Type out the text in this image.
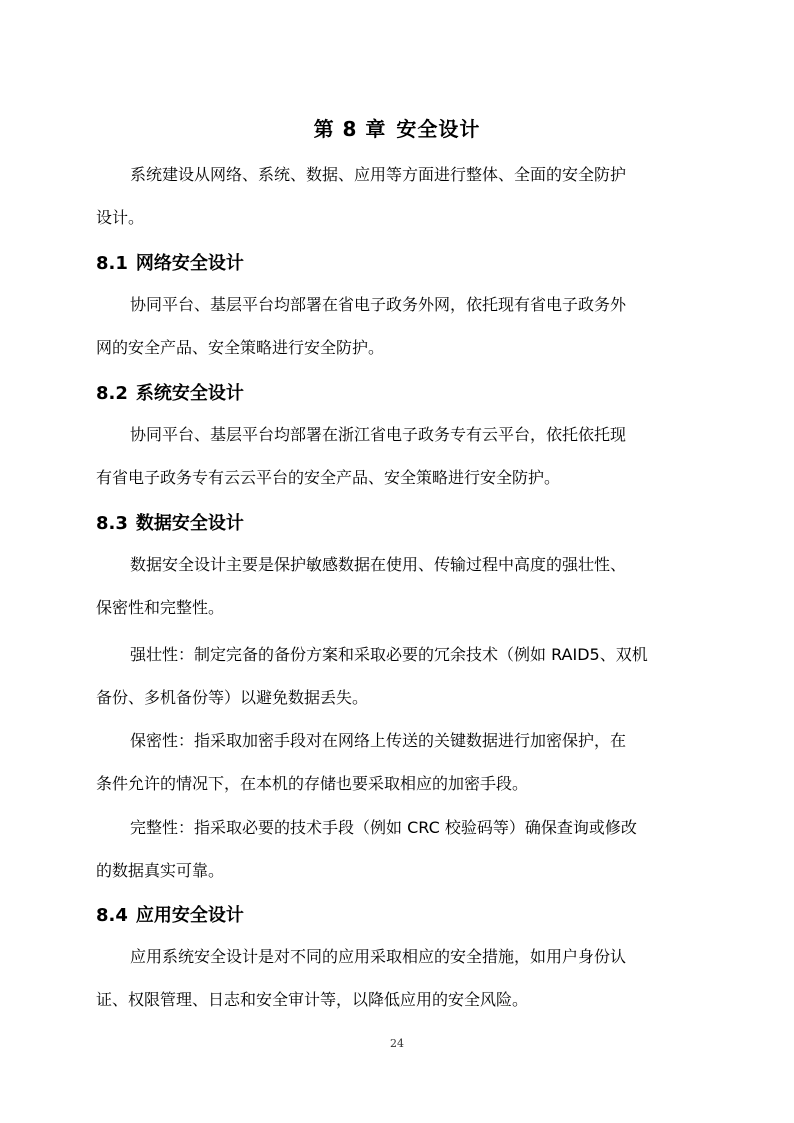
第 8 章 安全设计

系统建设从网络、系统、数据、应用等方面进行整体、全面的安全防护
设计。

8.1 网络安全设计

协同平台、基层平台均部署在省电子政务外网，依托现有省电子政务外
网的安全产品、安全策略进行安全防护。

8.2 系统安全设计

协同平台、基层平台均部署在浙江省电子政务专有云平台，依托依托现
有省电子政务专有云云平台的安全产品、安全策略进行安全防护。

8.3 数据安全设计

数据安全设计主要是保护敏感数据在使用、传输过程中高度的强壮性、
保密性和完整性。

强壮性：制定完备的备份方案和采取必要的冗余技术（例如 RAID5、双机
备份、多机备份等）以避免数据丢失。

保密性：指采取加密手段对在网络上传送的关键数据进行加密保护，在
条件允许的情况下，在本机的存储也要采取相应的加密手段。

完整性：指采取必要的技术手段（例如 CRC 校验码等）确保查询或修改
的数据真实可靠。

8.4 应用安全设计

应用系统安全设计是对不同的应用采取相应的安全措施，如用户身份认
证、权限管理、日志和安全审计等，以降低应用的安全风险。

24
